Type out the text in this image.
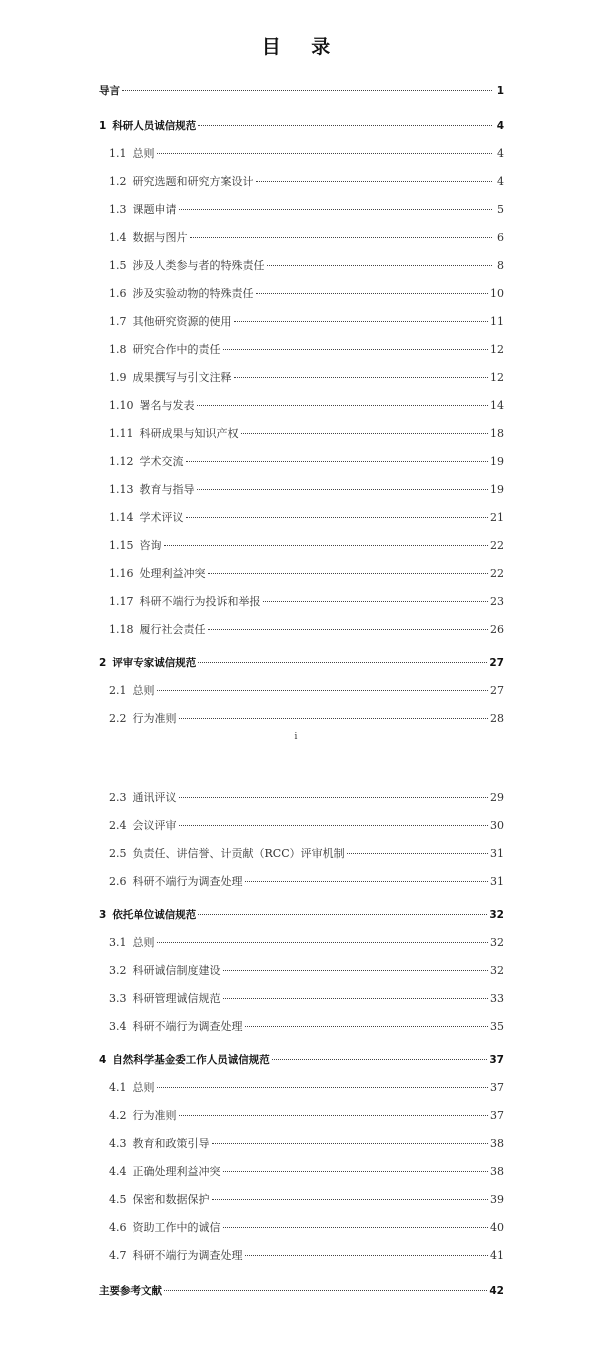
目 录
导言	1
1 科研人员诚信规范	4
1.1 总则	4
1.2 研究选题和研究方案设计	4
1.3 课题申请	5
1.4 数据与图片	6
1.5 涉及人类参与者的特殊责任	8
1.6 涉及实验动物的特殊责任	10
1.7 其他研究资源的使用	11
1.8 研究合作中的责任	12
1.9 成果撰写与引文注释	12
1.10 署名与发表	14
1.11 科研成果与知识产权	18
1.12 学术交流	19
1.13 教育与指导	19
1.14 学术评议	21
1.15 咨询	22
1.16 处理利益冲突	22
1.17 科研不端行为投诉和举报	23
1.18 履行社会责任	26
2 评审专家诚信规范	27
2.1 总则	27
2.2 行为准则	28
2.3 通讯评议	29
2.4 会议评审	30
2.5 负责任、讲信誉、计贡献（RCC）评审机制	31
2.6 科研不端行为调查处理	31
3 依托单位诚信规范	32
3.1 总则	32
3.2 科研诚信制度建设	32
3.3 科研管理诚信规范	33
3.4 科研不端行为调查处理	35
4 自然科学基金委工作人员诚信规范	37
4.1 总则	37
4.2 行为准则	37
4.3 教育和政策引导	38
4.4 正确处理利益冲突	38
4.5 保密和数据保护	39
4.6 资助工作中的诚信	40
4.7 科研不端行为调查处理	41
主要参考文献	42
i
